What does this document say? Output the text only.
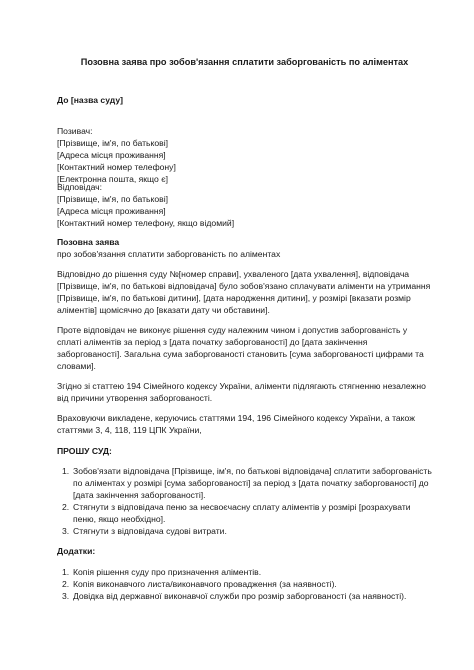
Позовна заява про зобов'язання сплатити заборгованість по аліментах
До [назва суду]
Позивач:
[Прізвище, ім'я, по батькові]
[Адреса місця проживання]
[Контактний номер телефону]
[Електронна пошта, якщо є]
Відповідач:
[Прізвище, ім'я, по батькові]
[Адреса місця проживання]
[Контактний номер телефону, якщо відомий]
Позовна заява
про зобов'язання сплатити заборгованість по аліментах
Відповідно до рішення суду №[номер справи], ухваленого [дата ухвалення], відповідача [Прізвище, ім'я, по батькові відповідача] було зобов'язано сплачувати аліменти на утримання [Прізвище, ім'я, по батькові дитини], [дата народження дитини], у розмірі [вказати розмір аліментів] щомісячно до [вказати дату чи обставини].
Проте відповідач не виконує рішення суду належним чином і допустив заборгованість у сплаті аліментів за період з [дата початку заборгованості] до [дата закінчення заборгованості]. Загальна сума заборгованості становить [сума заборгованості цифрами та словами].
Згідно зі статтею 194 Сімейного кодексу України, аліменти підлягають стягненню незалежно від причини утворення заборгованості.
Враховуючи викладене, керуючись статтями 194, 196 Сімейного кодексу України, а також статтями 3, 4, 118, 119 ЦПК України,
ПРОШУ СУД:
1. Зобов'язати відповідача [Прізвище, ім'я, по батькові відповідача] сплатити заборгованість по аліментах у розмірі [сума заборгованості] за період з [дата початку заборгованості] до [дата закінчення заборгованості].
2. Стягнути з відповідача пеню за несвоєчасну сплату аліментів у розмірі [розрахувати пеню, якщо необхідно].
3. Стягнути з відповідача судові витрати.
Додатки:
1. Копія рішення суду про призначення аліментів.
2. Копія виконавчого листа/виконавчого провадження (за наявності).
3. Довідка від державної виконавчої служби про розмір заборгованості (за наявності).
